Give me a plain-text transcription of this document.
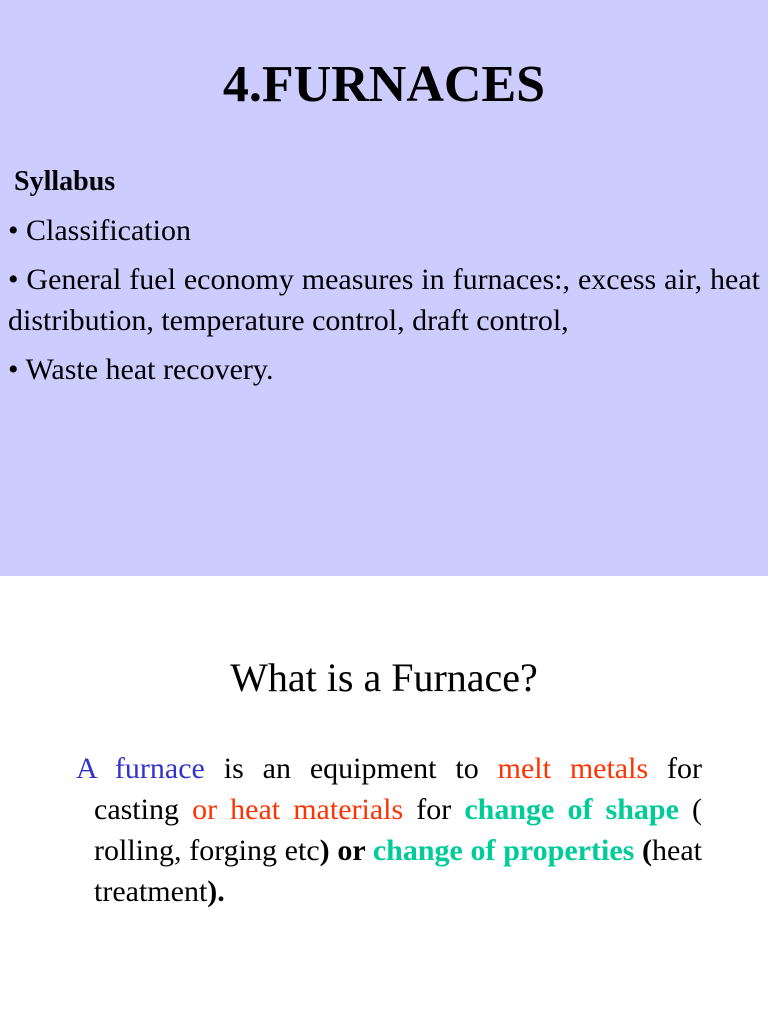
4.FURNACES
Syllabus
• Classification
• General fuel economy measures in furnaces:, excess air, heat distribution, temperature control, draft control,
• Waste heat recovery.
What is a Furnace?
A furnace is an equipment to melt metals for casting or heat materials for change of shape ( rolling, forging etc) or change of properties (heat treatment).
